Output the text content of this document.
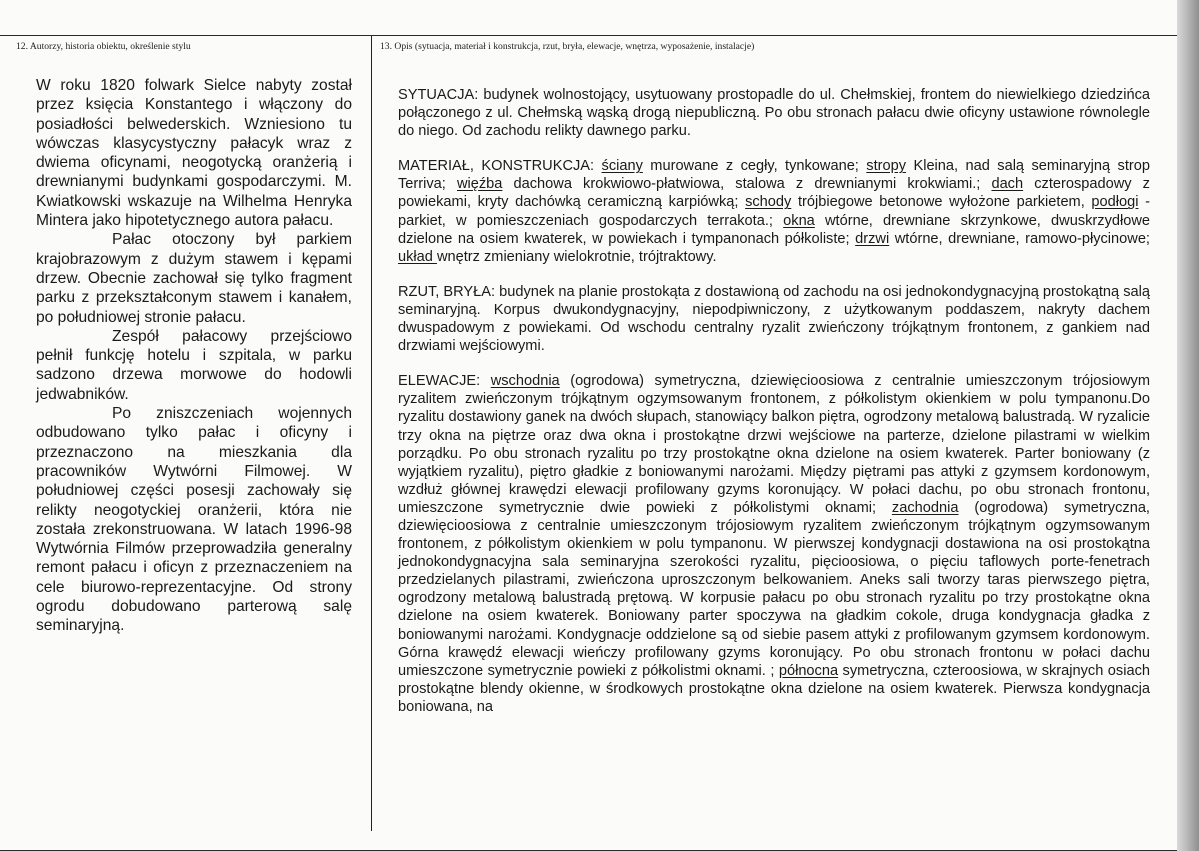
12. Autorzy, historia obiektu, określenie stylu	13. Opis (sytuacja, materiał i konstrukcja, rzut, bryła, elewacje, wnętrza, wyposażenie, instalacje)

W roku 1820 folwark Sielce nabyty został przez księcia Konstantego i włączony do posiadłości belwederskich. Wzniesiono tu wówczas klasycystyczny pałacyk wraz z dwiema oficynami, neogotycką oranżerią i drewnianymi budynkami gospodarczymi. M. Kwiatkowski wskazuje na Wilhelma Henryka Mintera jako hipotetycznego autora pałacu.

Pałac otoczony był parkiem krajobrazowym z dużym stawem i kępami drzew. Obecnie zachował się tylko fragment parku z przekształconym stawem i kanałem, po południowej stronie pałacu.

Zespół pałacowy przejściowo pełnił funkcję hotelu i szpitala, w parku sadzono drzewa morwowe do hodowli jedwabników.

Po zniszczeniach wojennych odbudowano tylko pałac i oficyny i przeznaczono na mieszkania dla pracowników Wytwórni Filmowej. W południowej części posesji zachowały się relikty neogotyckiej oranżerii, która nie została zrekonstruowana. W latach 1996-98 Wytwórnia Filmów przeprowadziła generalny remont pałacu i oficyn z przeznaczeniem na cele biurowo-reprezentacyjne. Od strony ogrodu dobudowano parterową salę seminaryjną.

SYTUACJA: budynek wolnostojący, usytuowany prostopadle do ul. Chełmskiej, frontem do niewielkiego dziedzińca połączonego z ul. Chełmską wąską drogą niepubliczną. Po obu stronach pałacu dwie oficyny ustawione równolegle do niego. Od zachodu relikty dawnego parku.

MATERIAŁ, KONSTRUKCJA: ściany murowane z cegły, tynkowane; stropy Kleina, nad salą seminaryjną strop Terriva; więźba dachowa krokwiowo-płatwiowa, stalowa z drewnianymi krokwiami.; dach czterospadowy z powiekami, kryty dachówką ceramiczną karpiówką; schody trójbiegowe betonowe wyłożone parkietem, podłogi - parkiet, w pomieszczeniach gospodarczych terrakota.; okna wtórne, drewniane skrzynkowe, dwuskrzydłowe dzielone na osiem kwaterek, w powiekach i tympanonach półkoliste; drzwi wtórne, drewniane, ramowo-płycinowe; układ wnętrz zmieniany wielokrotnie, trójtraktowy.

RZUT, BRYŁA: budynek na planie prostokąta z dostawioną od zachodu na osi jednokondygnacyjną prostokątną salą seminaryjną. Korpus dwukondygnacyjny, niepodpiwniczony, z użytkowanym poddaszem, nakryty dachem dwuspadowym z powiekami. Od wschodu centralny ryzalit zwieńczony trójkątnym frontonem, z gankiem nad drzwiami wejściowymi.

ELEWACJE: wschodnia (ogrodowa) symetryczna, dziewięcioosiowa z centralnie umieszczonym trójosiowym ryzalitem zwieńczonym trójkątnym ogzymsowanym frontonem, z półkolistym okienkiem w polu tympanonu.Do ryzalitu dostawiony ganek na dwóch słupach, stanowiący balkon piętra, ogrodzony metalową balustradą. W ryzalicie trzy okna na piętrze oraz dwa okna i prostokątne drzwi wejściowe na parterze, dzielone pilastrami w wielkim porządku. Po obu stronach ryzalitu po trzy prostokątne okna dzielone na osiem kwaterek. Parter boniowany (z wyjątkiem ryzalitu), piętro gładkie z boniowanymi narożami. Między piętrami pas attyki z gzymsem kordonowym, wzdłuż głównej krawędzi elewacji profilowany gzyms koronujący. W połaci dachu, po obu stronach frontonu, umieszczone symetrycznie dwie powieki z półkolistymi oknami; zachodnia (ogrodowa) symetryczna, dziewięcioosiowa z centralnie umieszczonym trójosiowym ryzalitem zwieńczonym trójkątnym ogzymsowanym frontonem, z półkolistym okienkiem w polu tympanonu. W pierwszej kondygnacji dostawiona na osi prostokątna jednokondygnacyjna sala seminaryjna szerokości ryzalitu, pięcioosiowa, o pięciu taflowych porte-fenetrach przedzielanych pilastrami, zwieńczona uproszczonym belkowaniem. Aneks sali tworzy taras pierwszego piętra, ogrodzony metalową balustradą prętową. W korpusie pałacu po obu stronach ryzalitu po trzy prostokątne okna dzielone na osiem kwaterek. Boniowany parter spoczywa na gładkim cokole, druga kondygnacja gładka z boniowanymi narożami. Kondygnacje oddzielone są od siebie pasem attyki z profilowanym gzymsem kordonowym. Górna krawędź elewacji wieńczy profilowany gzyms koronujący. Po obu stronach frontonu w połaci dachu umieszczone symetrycznie powieki z półkolistmi oknami. ; północna symetryczna, czteroosiowa, w skrajnych osiach prostokątne blendy okienne, w środkowych prostokątne okna dzielone na osiem kwaterek. Pierwsza kondygnacja boniowana, na
